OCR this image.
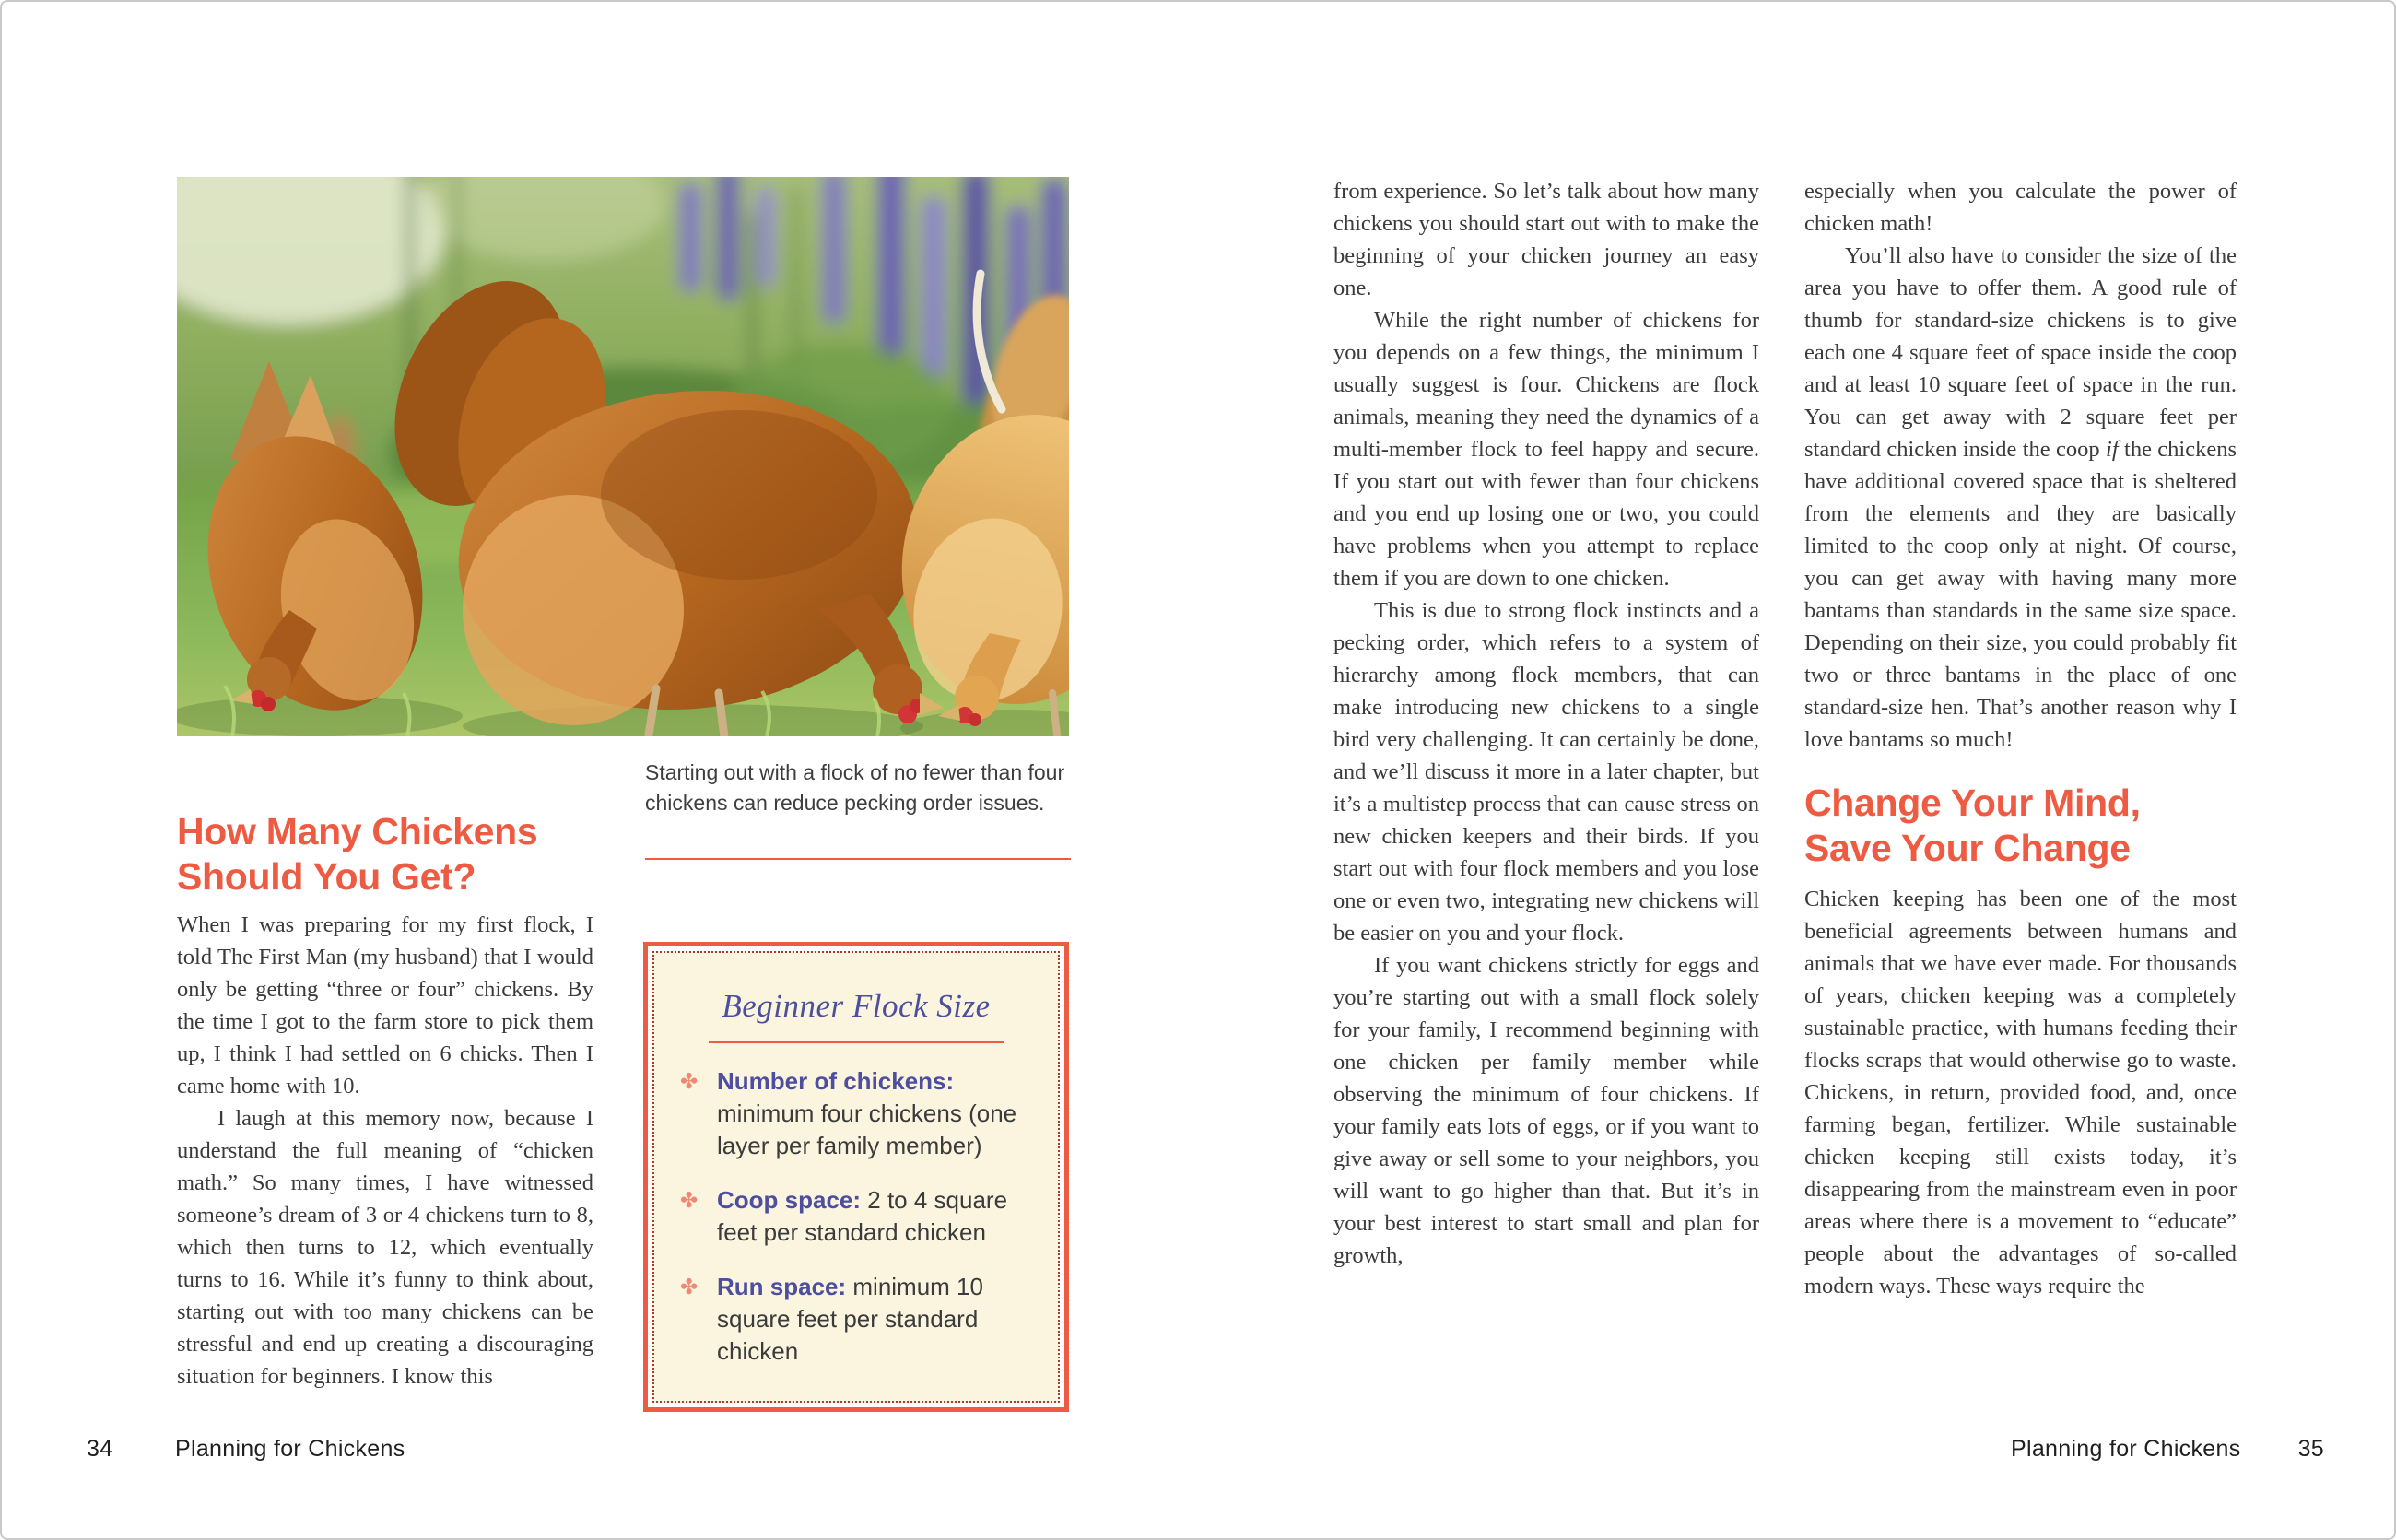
Starting out with a flock of no fewer than four chickens can reduce pecking order issues.
How Many Chickens Should You Get?

When I was preparing for my first flock, I told The First Man (my husband) that I would only be getting “three or four” chickens. By the time I got to the farm store to pick them up, I think I had settled on 6 chicks. Then I came home with 10.

I laugh at this memory now, because I understand the full meaning of “chicken math.” So many times, I have witnessed someone’s dream of 3 or 4 chickens turn to 8, which then turns to 12, which eventually turns to 16. While it’s funny to think about, starting out with too many chickens can be stressful and end up creating a discouraging situation for beginners. I know this

Beginner Flock Size
✤ Number of chickens: minimum four chickens (one layer per family member)
✤ Coop space: 2 to 4 square feet per standard chicken
✤ Run space: minimum 10 square feet per standard chicken

from experience. So let’s talk about how many chickens you should start out with to make the beginning of your chicken journey an easy one.

While the right number of chickens for you depends on a few things, the minimum I usually suggest is four. Chickens are flock animals, meaning they need the dynamics of a multi-member flock to feel happy and secure. If you start out with fewer than four chickens and you end up losing one or two, you could have problems when you attempt to replace them if you are down to one chicken.

This is due to strong flock instincts and a pecking order, which refers to a system of hierarchy among flock members, that can make introducing new chickens to a single bird very challenging. It can certainly be done, and we’ll discuss it more in a later chapter, but it’s a multistep process that can cause stress on new chicken keepers and their birds. If you start out with four flock members and you lose one or even two, integrating new chickens will be easier on you and your flock.

If you want chickens strictly for eggs and you’re starting out with a small flock solely for your family, I recommend beginning with one chicken per family member while observing the minimum of four chickens. If your family eats lots of eggs, or if you want to give away or sell some to your neighbors, you will want to go higher than that. But it’s in your best interest to start small and plan for growth,

especially when you calculate the power of chicken math!

You’ll also have to consider the size of the area you have to offer them. A good rule of thumb for standard-size chickens is to give each one 4 square feet of space inside the coop and at least 10 square feet of space in the run. You can get away with 2 square feet per standard chicken inside the coop if the chickens have additional covered space that is sheltered from the elements and they are basically limited to the coop only at night. Of course, you can get away with having many more bantams than standards in the same size space. Depending on their size, you could probably fit two or three bantams in the place of one standard-size hen. That’s another reason why I love bantams so much!

Change Your Mind, Save Your Change

Chicken keeping has been one of the most beneficial agreements between humans and animals that we have ever made. For thousands of years, chicken keeping was a completely sustainable practice, with humans feeding their flocks scraps that would otherwise go to waste. Chickens, in return, provided food, and, once farming began, fertilizer. While sustainable chicken keeping still exists today, it’s disappearing from the mainstream even in poor areas where there is a movement to “educate” people about the advantages of so-called modern ways. These ways require the

34	Planning for Chickens	Planning for Chickens 35
